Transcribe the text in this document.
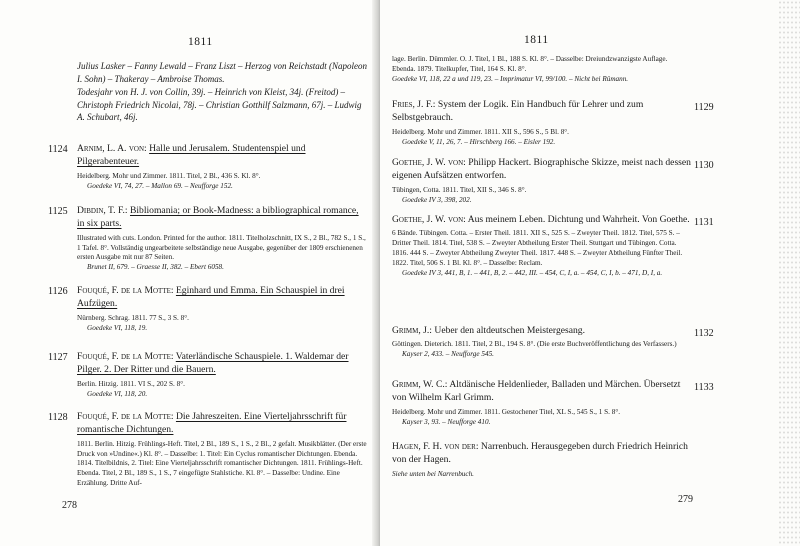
1811

Julius Lasker – Fanny Lewald – Franz Liszt – Herzog von Reichstadt (Napoleon I. Sohn) – Thakeray – Ambroise Thomas.

Todesjahr von H. J. von Collin, 39j. – Heinrich von Kleist, 34j. (Freitod) – Christoph Friedrich Nicolai, 78j. – Christian Gotthilf Salzmann, 67j. – Ludwig A. Schubart, 46j.

1124 Arnim, L. A. von: Halle und Jerusalem. Studentenspiel und Pilgerabenteuer.

Heidelberg. Mohr und Zimmer. 1811. Titel, 2 Bl., 436 S. Kl. 8°.

Goedeke VI, 74, 27. – Mallon 69. – Neufforge 152.

1125 Dibdin, T. F.: Bibliomania; or Book-Madness: a bibliographical romance, in six parts.

Illustrated with cuts. London. Printed for the author. 1811. Titelholzschnitt, IX S., 2 Bl., 782 S., 1 S., 1 Tafel. 8°. Vollständig ungearbeitete selbständige neue Ausgabe, gegenüber der 1809 erschienenen ersten Ausgabe mit nur 87 Seiten.

Brunet II, 679. – Graesse II, 382. – Ebert 6058.

1126 Fouqué, F. de la Motte: Eginhard und Emma. Ein Schauspiel in drei Aufzügen.

Nürnberg. Schrag. 1811. 77 S., 3 S. 8°.

Goedeke VI, 118, 19.

1127 Fouqué, F. de la Motte: Vaterländische Schauspiele. 1. Waldemar der Pilger. 2. Der Ritter und die Bauern.

Berlin. Hitzig. 1811. VI S., 202 S. 8°.

Goedeke VI, 118, 20.

1128 Fouqué, F. de la Motte: Die Jahreszeiten. Eine Vierteljahrsschrift für romantische Dichtungen.

1811. Berlin. Hitzig. Frühlings-Heft. Titel, 2 Bl., 189 S., 1 S., 2 Bl., 2 gefalt. Musikblätter. (Der erste Druck von »Undine«.) Kl. 8°. – Dasselbe: 1. Titel: Ein Cyclus romantischer Dichtungen. Ebenda. 1814. Titelbildnis, 2. Titel: Eine Vierteljahrsschrift romantischer Dichtungen. 1811. Frühlings-Heft. Ebenda. Titel, 2 Bl., 189 S., 1 S., 7 eingefügte Stahlstiche. Kl. 8°. – Dasselbe: Undine. Eine Erzählung. Dritte Auf-

278
1811

lage. Berlin. Dümmler. O. J. Titel, 1 Bl., 188 S. Kl. 8°. – Dasselbe: Dreiundzwanzigste Auflage. Ebenda. 1879. Titelkupfer, Titel, 164 S. Kl. 8°.

Goedeke VI, 118, 22 a und 119, 23. – Imprimatur VI, 99/100. – Nicht bei Rümann.

Fries, J. F.: System der Logik. Ein Handbuch für Lehrer und zum Selbstgebrauch.

Heidelberg. Mohr und Zimmer. 1811. XII S., 596 S., 5 Bl. 8°.

Goedeke V, 11, 26, 7. – Hirschberg 166. – Eisler 192.

1129

Goethe, J. W. von: Philipp Hackert. Biographische Skizze, meist nach dessen eigenen Aufsätzen entworfen.

Tübingen, Cotta. 1811. Titel, XII S., 346 S. 8°.

Goedeke IV 3, 398, 202.

1130

Goethe, J. W. von: Aus meinem Leben. Dichtung und Wahrheit. Von Goethe.

6 Bände. Tübingen. Cotta. – Erster Theil. 1811. XII S., 525 S. – Zweyter Theil. 1812. Titel, 575 S. – Dritter Theil. 1814. Titel, 538 S. – Zweyter Abtheilung Erster Theil. Stuttgart und Tübingen. Cotta. 1816. 444 S. – Zweyter Abtheilung Zweyter Theil. 1817. 448 S. – Zweyter Abtheilung Fünfter Theil. 1822. Titel, 506 S. 1 Bl. Kl. 8°. – Dasselbe: Reclam.

Goedeke IV 3, 441, B, 1. – 441, B, 2. – 442, III. – 454, C, I, a. – 454, C, I, b. – 471, D, I, a.

1131

Grimm, J.: Ueber den altdeutschen Meistergesang.

Göttingen. Dieterich. 1811. Titel, 2 Bl., 194 S. 8°. (Die erste Buchveröffentlichung des Verfassers.)

Kayser 2, 433. – Neufforge 545.

1132

Grimm, W. C.: Altdänische Heldenlieder, Balladen und Märchen. Übersetzt von Wilhelm Karl Grimm.

Heidelberg. Mohr und Zimmer. 1811. Gestochener Titel, XL S., 545 S., 1 S. 8°.

Kayser 3, 93. – Neufforge 410.

1133

Hagen, F. H. von der: Narrenbuch. Herausgegeben durch Friedrich Heinrich von der Hagen.

Siehe unten bei Narrenbuch.

279
